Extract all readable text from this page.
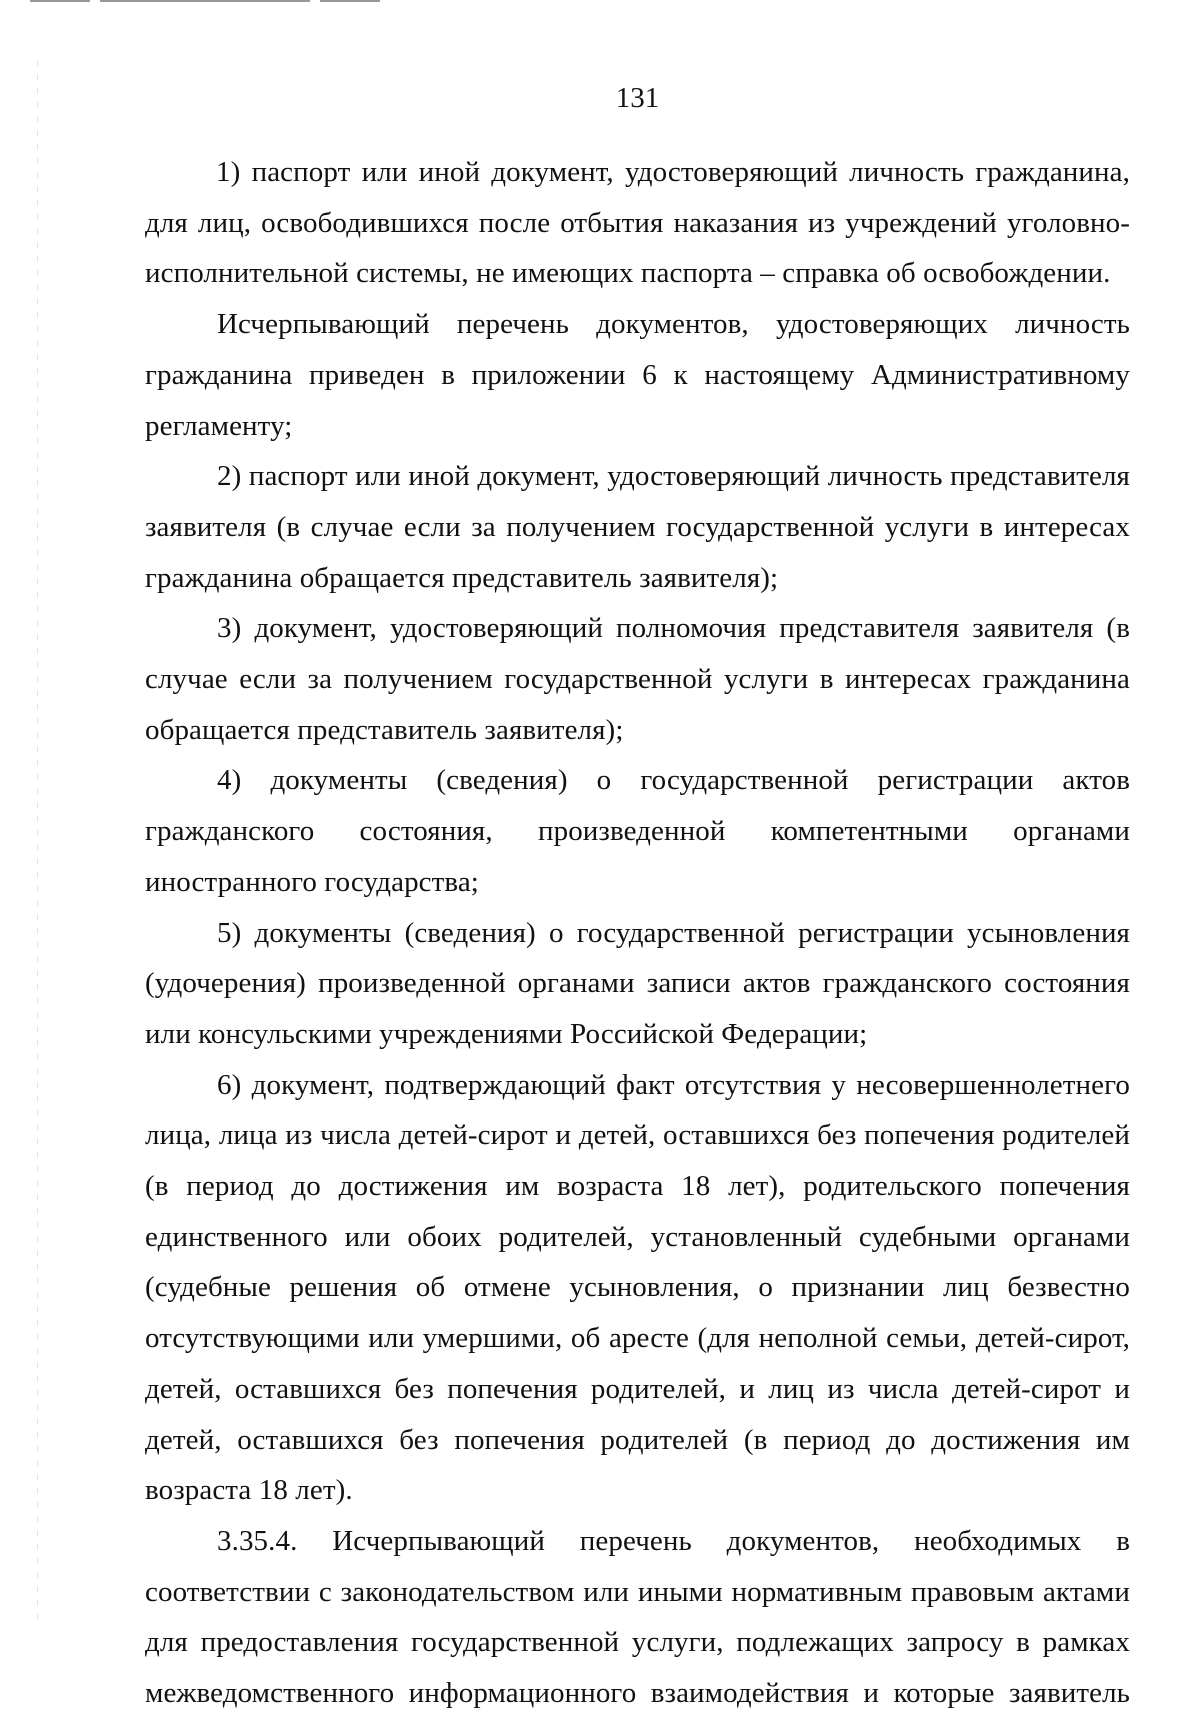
131

1) паспорт или иной документ, удостоверяющий личность гражданина, для лиц, освободившихся после отбытия наказания из учреждений уголовно-исполнительной системы, не имеющих паспорта – справка об освобождении.

Исчерпывающий перечень документов, удостоверяющих личность гражданина приведен в приложении 6 к настоящему Административному регламенту;

2) паспорт или иной документ, удостоверяющий личность представителя заявителя (в случае если за получением государственной услуги в интересах гражданина обращается представитель заявителя);

3) документ, удостоверяющий полномочия представителя заявителя (в случае если за получением государственной услуги в интересах гражданина обращается представитель заявителя);

4) документы (сведения) о государственной регистрации актов гражданского состояния, произведенной компетентными органами иностранного государства;

5) документы (сведения) о государственной регистрации усыновления (удочерения) произведенной органами записи актов гражданского состояния или консульскими учреждениями Российской Федерации;

6) документ, подтверждающий факт отсутствия у несовершеннолетнего лица, лица из числа детей-сирот и детей, оставшихся без попечения родителей (в период до достижения им возраста 18 лет), родительского попечения единственного или обоих родителей, установленный судебными органами (судебные решения об отмене усыновления, о признании лиц безвестно отсутствующими или умершими, об аресте (для неполной семьи, детей-сирот, детей, оставшихся без попечения родителей, и лиц из числа детей-сирот и детей, оставшихся без попечения родителей (в период до достижения им возраста 18 лет).

3.35.4. Исчерпывающий перечень документов, необходимых в соответствии с законодательством или иными нормативным правовым актами для предоставления государственной услуги, подлежащих запросу в рамках межведомственного информационного взаимодействия и которые заявитель
